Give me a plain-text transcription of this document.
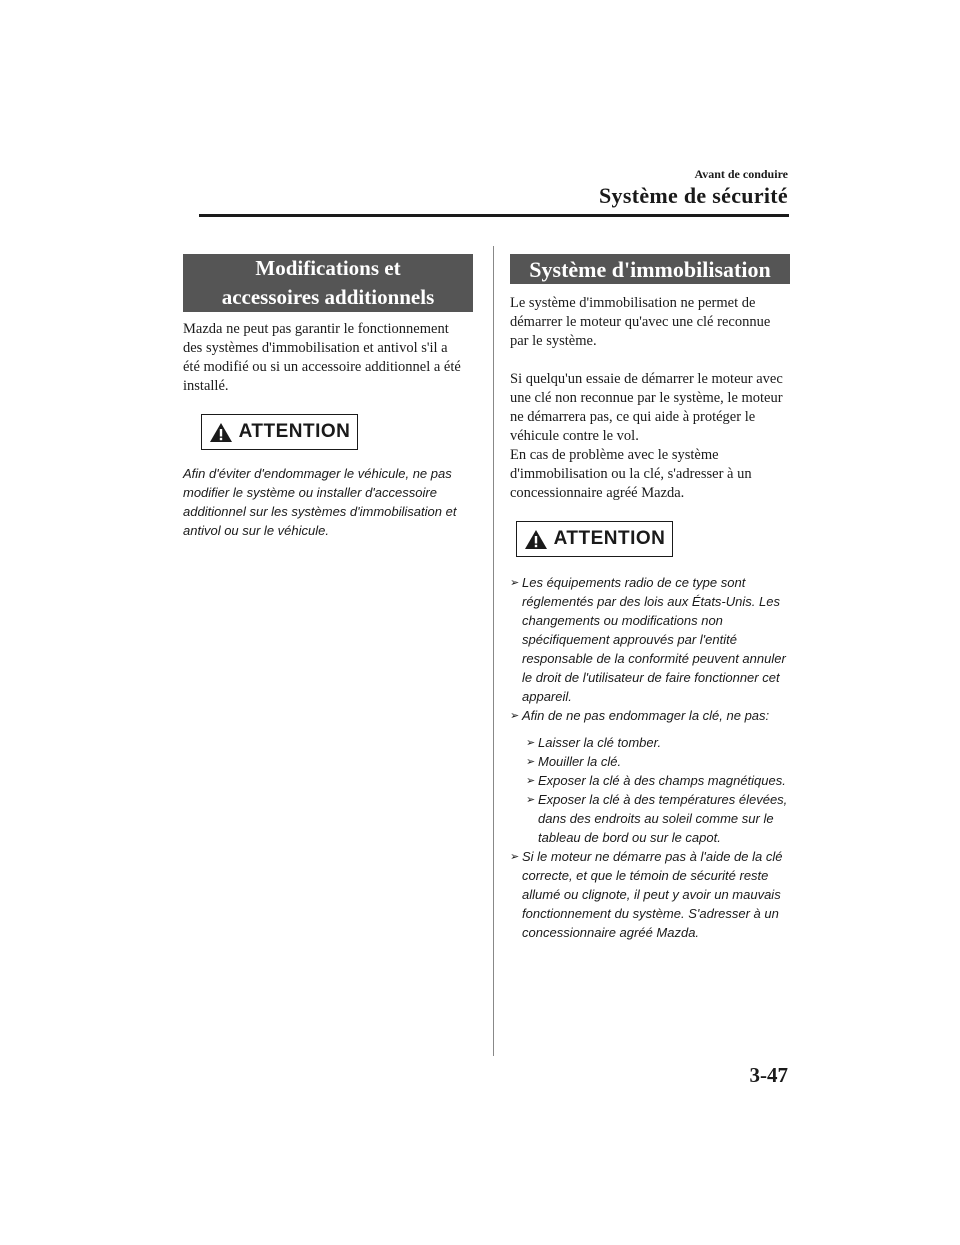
Avant de conduire
Système de sécurité
Modifications et
accessoires additionnels

Mazda ne peut pas garantir le fonctionnement des systèmes d'immobilisation et antivol s'il a été modifié ou si un accessoire additionnel a été installé.

ATTENTION

Afin d'éviter d'endommager le véhicule, ne pas modifier le système ou installer d'accessoire additionnel sur les systèmes d'immobilisation et antivol ou sur le véhicule.

Système d'immobilisation

Le système d'immobilisation ne permet de démarrer le moteur qu'avec une clé reconnue par le système.

Si quelqu'un essaie de démarrer le moteur avec une clé non reconnue par le système, le moteur ne démarrera pas, ce qui aide à protéger le véhicule contre le vol.

En cas de problème avec le système d'immobilisation ou la clé, s'adresser à un concessionnaire agréé Mazda.

ATTENTION
➢ Les équipements radio de ce type sont réglementés par des lois aux États-Unis. Les changements ou modifications non spécifiquement approuvés par l'entité responsable de la conformité peuvent annuler le droit de l'utilisateur de faire fonctionner cet appareil.

➢ Afin de ne pas endommager la clé, ne pas:

➢ Laisser la clé tomber.

➢ Mouiller la clé.

➢ Exposer la clé à des champs magnétiques.

➢ Exposer la clé à des températures élevées, dans des endroits au soleil comme sur le tableau de bord ou sur le capot.

➢ Si le moteur ne démarre pas à l'aide de la clé correcte, et que le témoin de sécurité reste allumé ou clignote, il peut y avoir un mauvais fonctionnement du système. S'adresser à un concessionnaire agréé Mazda.

3-47
